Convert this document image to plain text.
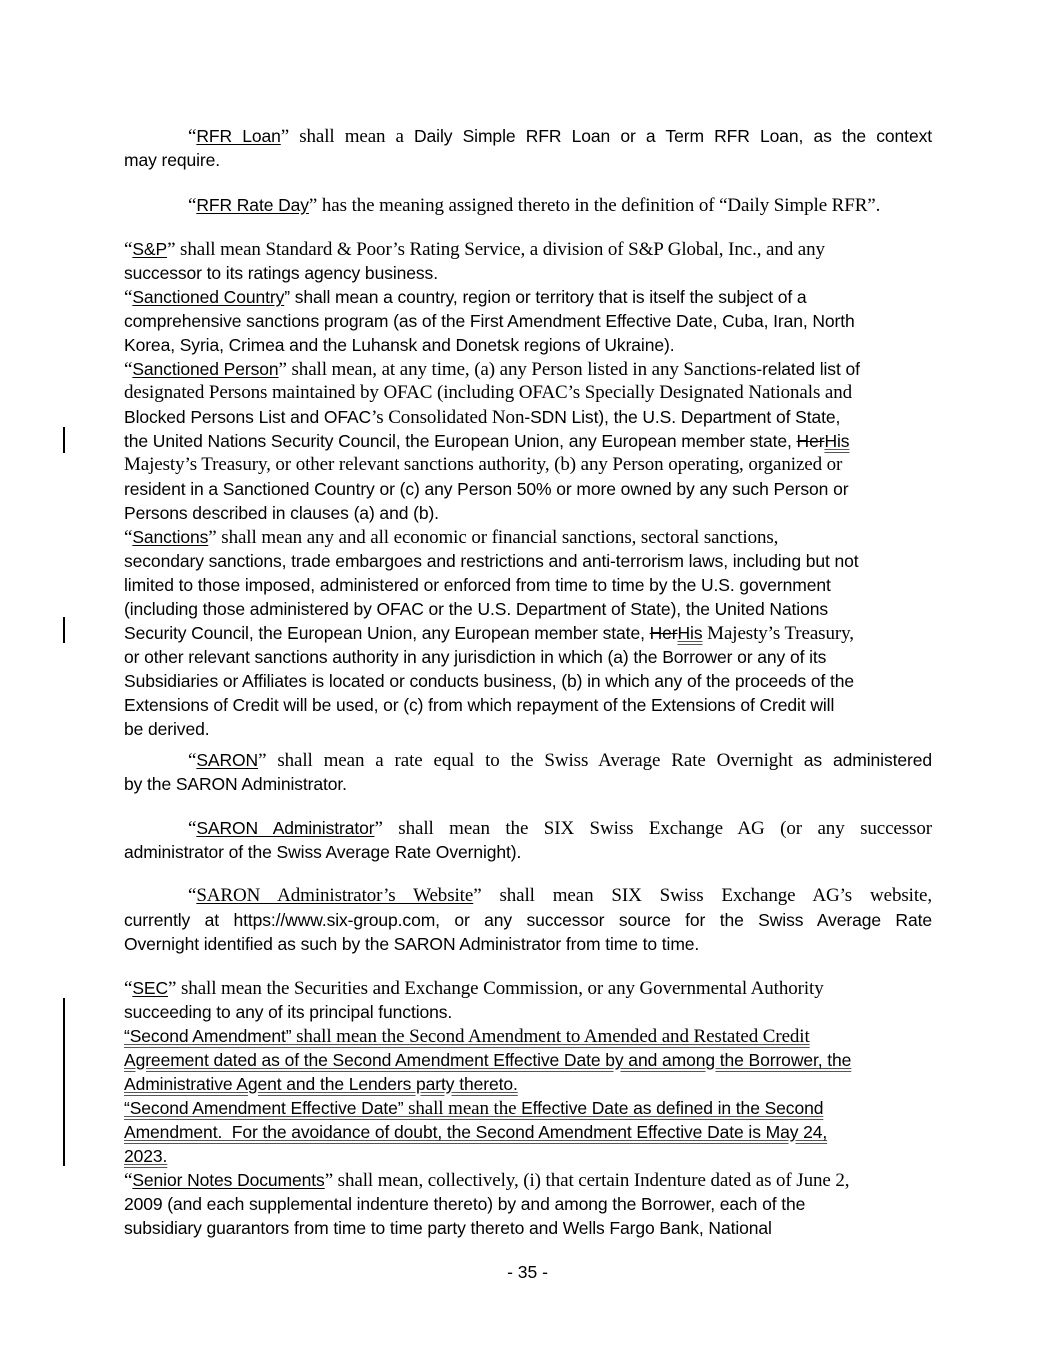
“RFR Loan” shall mean a Daily Simple RFR Loan or a Term RFR Loan, as the context
may require.
“RFR Rate Day” has the meaning assigned thereto in the definition of “Daily Simple RFR”.
“S&P” shall mean Standard & Poor’s Rating Service, a division of S&P Global, Inc., and any
successor to its ratings agency business.
“Sanctioned Country” shall mean a country, region or territory that is itself the subject of a
comprehensive sanctions program (as of the First Amendment Effective Date, Cuba, Iran, North
Korea, Syria, Crimea and the Luhansk and Donetsk regions of Ukraine).
“Sanctioned Person” shall mean, at any time, (a) any Person listed in any Sanctions-related list of
designated Persons maintained by OFAC (including OFAC’s Specially Designated Nationals and
Blocked Persons List and OFAC’s Consolidated Non-SDN List), the U.S. Department of State,
the United Nations Security Council, the European Union, any European member state, HerHis
Majesty’s Treasury, or other relevant sanctions authority, (b) any Person operating, organized or
resident in a Sanctioned Country or (c) any Person 50% or more owned by any such Person or
Persons described in clauses (a) and (b).
“Sanctions” shall mean any and all economic or financial sanctions, sectoral sanctions,
secondary sanctions, trade embargoes and restrictions and anti-terrorism laws, including but not
limited to those imposed, administered or enforced from time to time by the U.S. government
(including those administered by OFAC or the U.S. Department of State), the United Nations
Security Council, the European Union, any European member state, HerHis Majesty’s Treasury,
or other relevant sanctions authority in any jurisdiction in which (a) the Borrower or any of its
Subsidiaries or Affiliates is located or conducts business, (b) in which any of the proceeds of the
Extensions of Credit will be used, or (c) from which repayment of the Extensions of Credit will
be derived.
“SARON” shall mean a rate equal to the Swiss Average Rate Overnight as administered
by the SARON Administrator.
“SARON Administrator” shall mean the SIX Swiss Exchange AG (or any successor
administrator of the Swiss Average Rate Overnight).
“SARON Administrator’s Website” shall mean SIX Swiss Exchange AG’s website,
currently at https://www.six-group.com, or any successor source for the Swiss Average Rate
Overnight identified as such by the SARON Administrator from time to time.
“SEC” shall mean the Securities and Exchange Commission, or any Governmental Authority
succeeding to any of its principal functions.
“Second Amendment” shall mean the Second Amendment to Amended and Restated Credit
Agreement dated as of the Second Amendment Effective Date by and among the Borrower, the
Administrative Agent and the Lenders party thereto.
“Second Amendment Effective Date” shall mean the Effective Date as defined in the Second
Amendment.  For the avoidance of doubt, the Second Amendment Effective Date is May 24,
2023.
“Senior Notes Documents” shall mean, collectively, (i) that certain Indenture dated as of June 2,
2009 (and each supplemental indenture thereto) by and among the Borrower, each of the
subsidiary guarantors from time to time party thereto and Wells Fargo Bank, National
- 35 -
